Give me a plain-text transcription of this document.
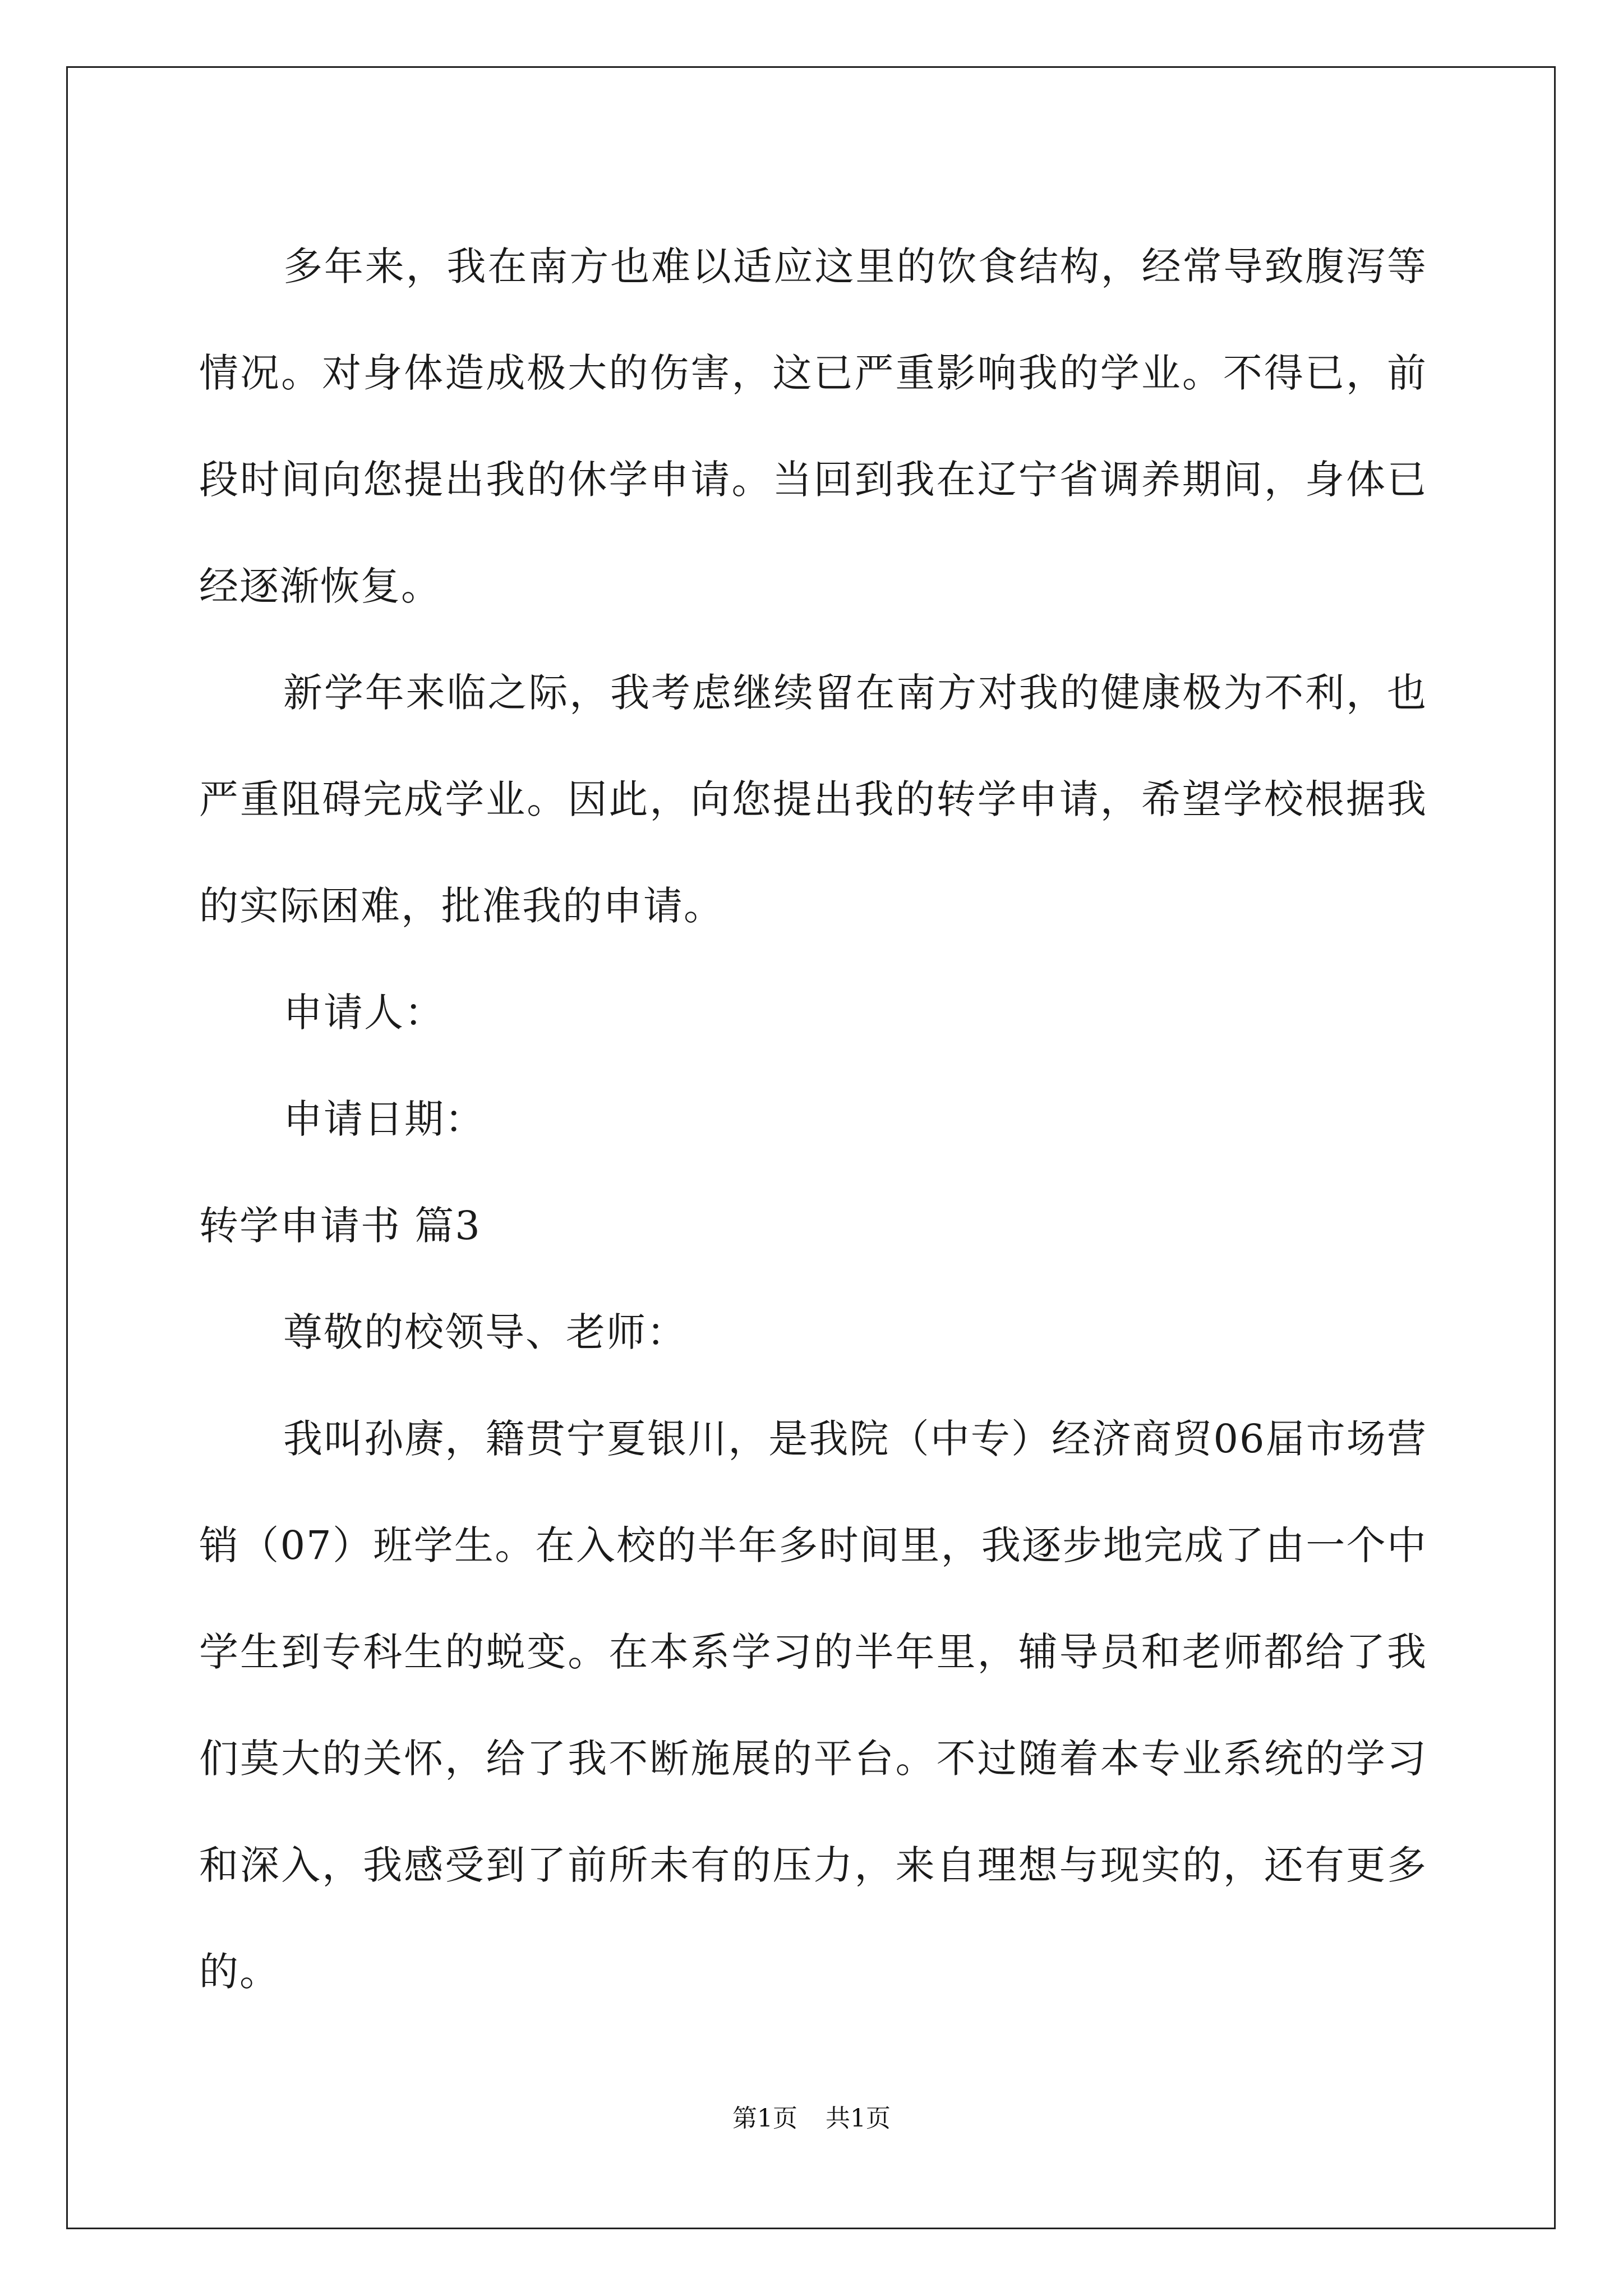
多年来，我在南方也难以适应这里的饮食结构，经常导致腹泻等情况。对身体造成极大的伤害，这已严重影响我的学业。不得已，前段时间向您提出我的休学申请。当回到我在辽宁省调养期间，身体已经逐渐恢复。

新学年来临之际，我考虑继续留在南方对我的健康极为不利，也严重阻碍完成学业。因此，向您提出我的转学申请，希望学校根据我的实际困难，批准我的申请。

申请人：

申请日期：

转学申请书 篇3

尊敬的校领导、老师：

我叫孙赓，籍贯宁夏银川，是我院（中专）经济商贸06届市场营销（07）班学生。在入校的半年多时间里，我逐步地完成了由一个中学生到专科生的蜕变。在本系学习的半年里，辅导员和老师都给了我们莫大的关怀，给了我不断施展的平台。不过随着本专业系统的学习和深入，我感受到了前所未有的压力，来自理想与现实的，还有更多的。

第1页 共1页
